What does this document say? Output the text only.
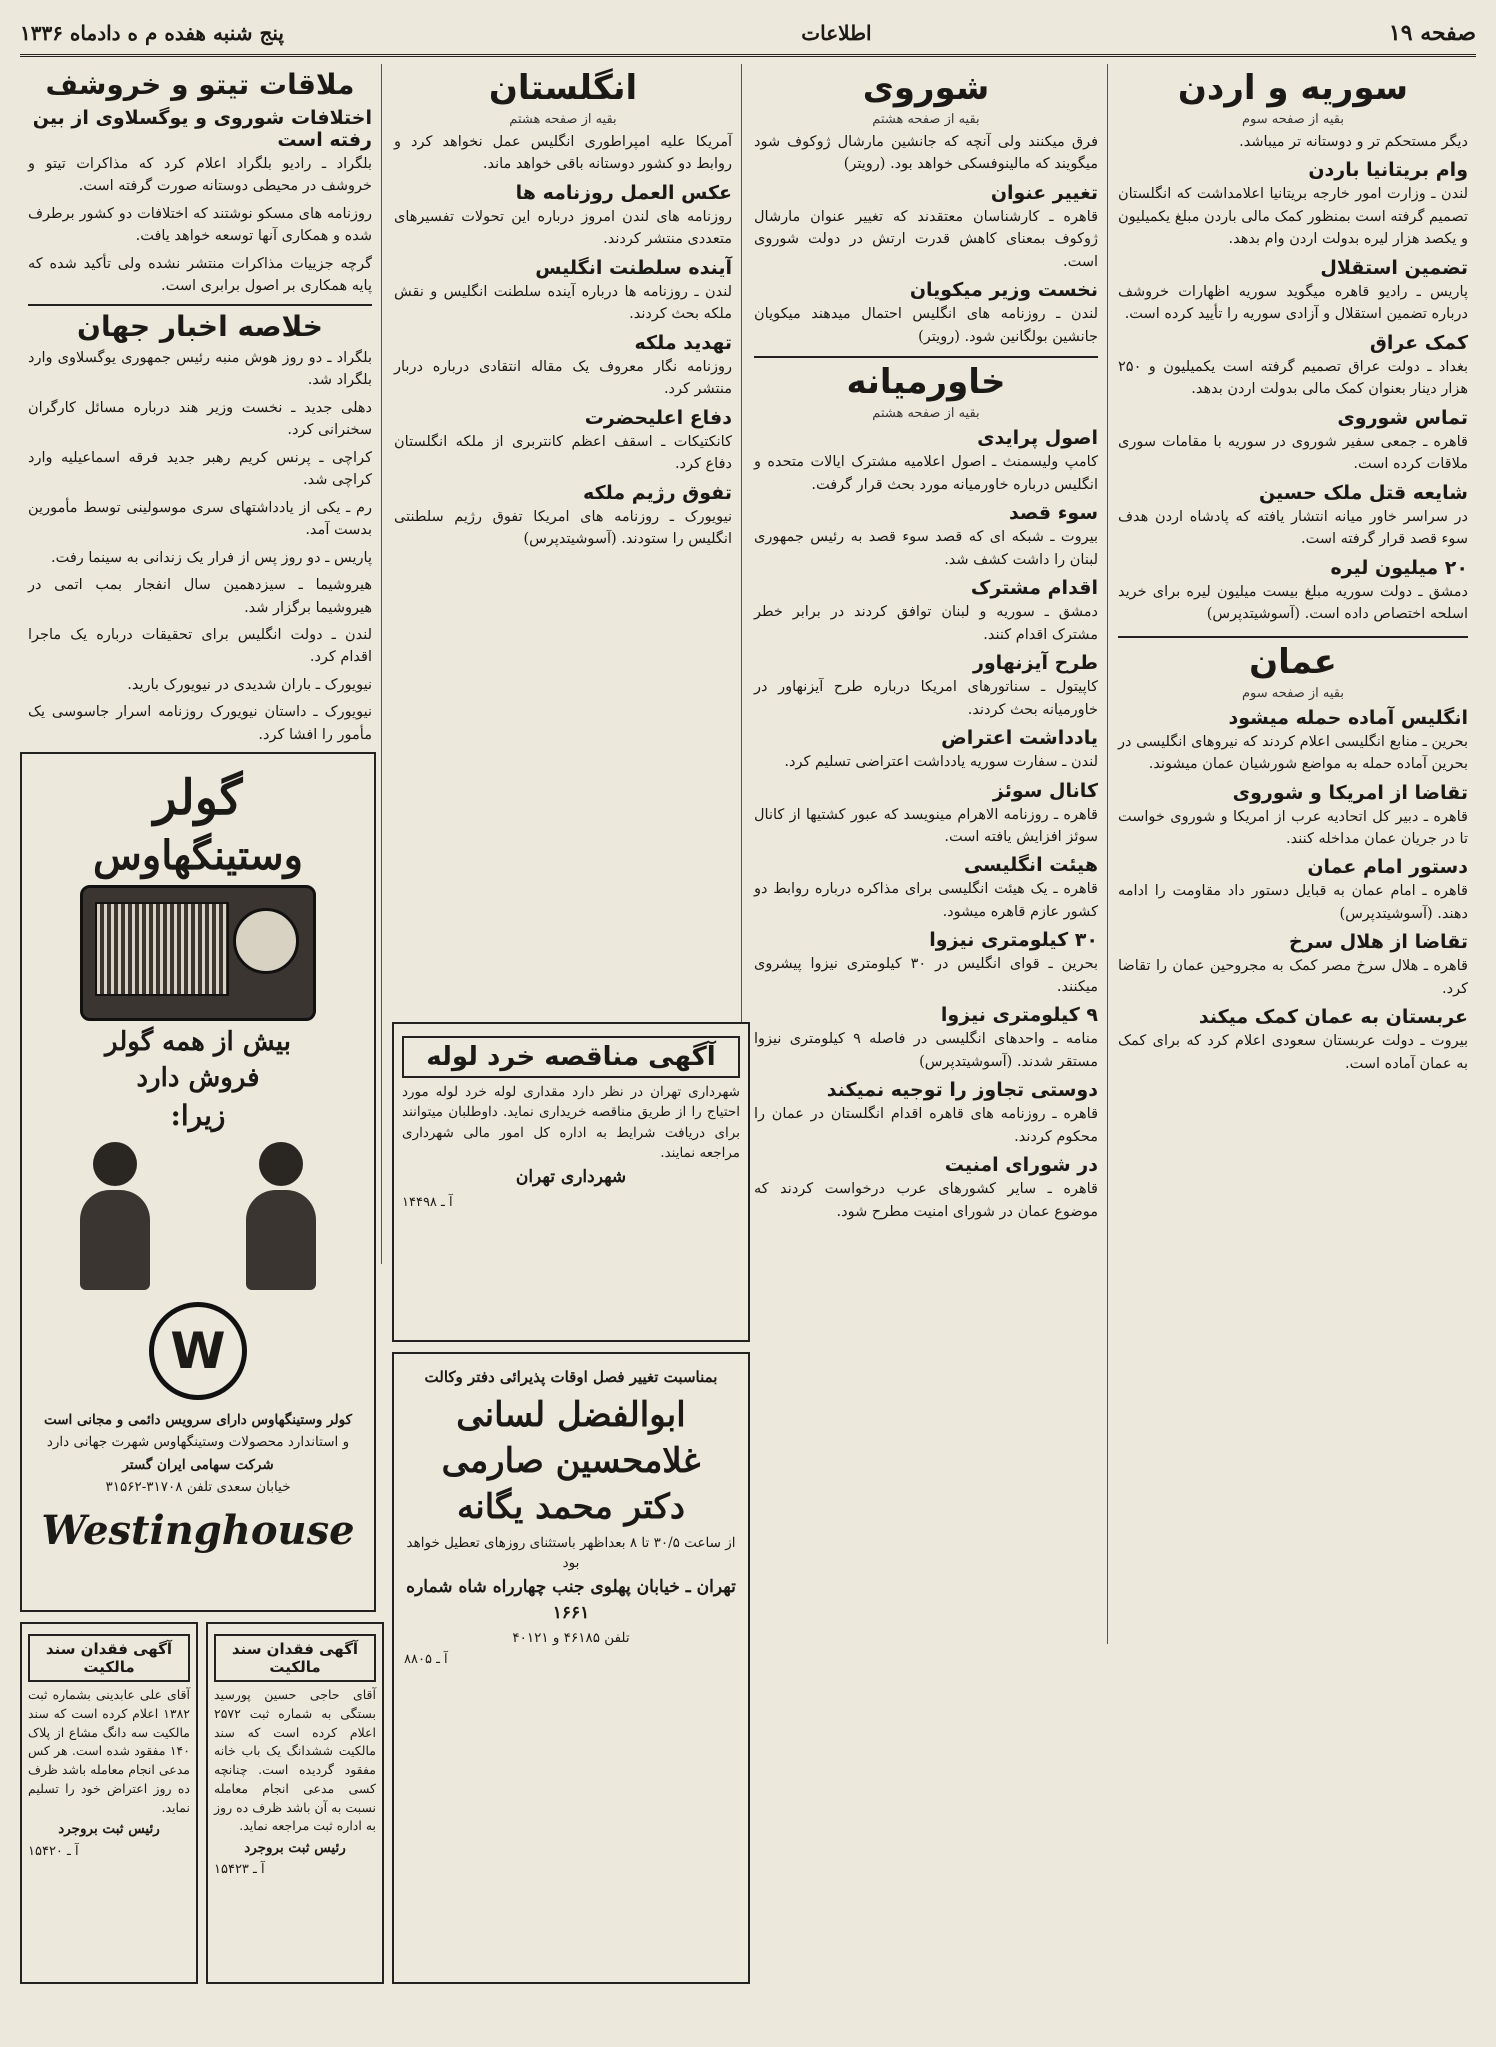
صفحه ۱۹
اطلاعات
پنج شنبه هفده م ه دادماه ۱۳۳۶
سوریه و اردن
بقیه از صفحه سوم

دیگر مستحکم تر و دوستانه تر میباشد.

وام بریتانیا باردن

لندن ـ وزارت امور خارجه بریتانیا اعلامداشت که انگلستان تصمیم گرفته است بمنظور کمک مالی باردن مبلغ یکمیلیون و یکصد هزار لیره بدولت اردن وام بدهد.

تضمین استقلال

پاریس ـ رادیو قاهره میگوید سوریه اظهارات خروشف درباره تضمین استقلال و آزادی سوریه را تأیید کرده است.

کمک عراق

بغداد ـ دولت عراق تصمیم گرفته است یکمیلیون و ۲۵۰ هزار دینار بعنوان کمک مالی بدولت اردن بدهد.

تماس شوروی

قاهره ـ جمعی سفیر شوروی در سوریه با مقامات سوری ملاقات کرده است.

شایعه قتل ملک حسین

در سراسر خاور میانه انتشار یافته که پادشاه اردن هدف سوء قصد قرار گرفته است.

۲۰ میلیون لیره

دمشق ـ دولت سوریه مبلغ بیست میلیون لیره برای خرید اسلحه اختصاص داده است. (آسوشیتدپرس)

عمان
بقیه از صفحه سوم
انگلیس آماده حمله میشود

بحرین ـ منابع انگلیسی اعلام کردند که نیروهای انگلیسی در بحرین آماده حمله به مواضع شورشیان عمان میشوند.

تقاضا از امریکا و شوروی

قاهره ـ دبیر کل اتحادیه عرب از امریکا و شوروی خواست تا در جریان عمان مداخله کنند.

دستور امام عمان

قاهره ـ امام عمان به قبایل دستور داد مقاومت را ادامه دهند. (آسوشیتدپرس)

تقاضا از هلال سرخ

قاهره ـ هلال سرخ مصر کمک به مجروحین عمان را تقاضا کرد.

عربستان به عمان کمک میکند

بیروت ـ دولت عربستان سعودی اعلام کرد که برای کمک به عمان آماده است.

شوروی
بقیه از صفحه هشتم

فرق میکنند ولی آنچه که جانشین مارشال ژوکوف شود میگویند که مالینوفسکی خواهد بود. (رویتر)

تغییر عنوان

قاهره ـ کارشناسان معتقدند که تغییر عنوان مارشال ژوکوف بمعنای کاهش قدرت ارتش در دولت شوروی است.

نخست وزیر میکویان

لندن ـ روزنامه های انگلیس احتمال میدهند میکویان جانشین بولگانین شود. (رویتر)

خاورمیانه
بقیه از صفحه هشتم
اصول پرایدی

کامپ ولیسمنث ـ اصول اعلامیه مشترک ایالات متحده و انگلیس درباره خاورمیانه مورد بحث قرار گرفت.

سوء قصد

بیروت ـ شبکه ای که قصد سوء قصد به رئیس جمهوری لبنان را داشت کشف شد.

اقدام مشترک

دمشق ـ سوریه و لبنان توافق کردند در برابر خطر مشترک اقدام کنند.

طرح آیزنهاور

کاپیتول ـ سناتورهای امریکا درباره طرح آیزنهاور در خاورمیانه بحث کردند.

یادداشت اعتراض

لندن ـ سفارت سوریه یادداشت اعتراضی تسلیم کرد.

کانال سوئز

قاهره ـ روزنامه الاهرام مینویسد که عبور کشتیها از کانال سوئز افزایش یافته است.

هیئت انگلیسی

قاهره ـ یک هیئت انگلیسی برای مذاکره درباره روابط دو کشور عازم قاهره میشود.

۳۰ کیلومتری نیزوا

بحرین ـ قوای انگلیس در ۳۰ کیلومتری نیزوا پیشروی میکنند.

۹ کیلومتری نیزوا

منامه ـ واحدهای انگلیسی در فاصله ۹ کیلومتری نیزوا مستقر شدند. (آسوشیتدپرس)

دوستی تجاوز را توجیه نمیکند

قاهره ـ روزنامه های قاهره اقدام انگلستان در عمان را محکوم کردند.

در شورای امنیت

قاهره ـ سایر کشورهای عرب درخواست کردند که موضوع عمان در شورای امنیت مطرح شود.

انگلستان
بقیه از صفحه هشتم

آمریکا علیه امپراطوری انگلیس عمل نخواهد کرد و روابط دو کشور دوستانه باقی خواهد ماند.

عکس العمل روزنامه ها

روزنامه های لندن امروز درباره این تحولات تفسیرهای متعددی منتشر کردند.

آینده سلطنت انگلیس

لندن ـ روزنامه ها درباره آینده سلطنت انگلیس و نقش ملکه بحث کردند.

تهدید ملکه

روزنامه نگار معروف یک مقاله انتقادی درباره دربار منتشر کرد.

دفاع اعلیحضرت

کانکتیکات ـ اسقف اعظم کانتربری از ملکه انگلستان دفاع کرد.

تفوق رژیم ملکه

نیویورک ـ روزنامه های امریکا تفوق رژیم سلطنتی انگلیس را ستودند. (آسوشیتدپرس)

ملاقات تیتو و خروشف
اختلافات شوروی و یوگسلاوی از بین رفته است

بلگراد ـ رادیو بلگراد اعلام کرد که مذاکرات تیتو و خروشف در محیطی دوستانه صورت گرفته است.

روزنامه های مسکو نوشتند که اختلافات دو کشور برطرف شده و همکاری آنها توسعه خواهد یافت.

گرچه جزییات مذاکرات منتشر نشده ولی تأکید شده که پایه همکاری بر اصول برابری است.

خلاصه اخبار جهان

بلگراد ـ دو روز هوش منبه رئیس جمهوری یوگسلاوی وارد بلگراد شد.

دهلی جدید ـ نخست وزیر هند درباره مسائل کارگران سخنرانی کرد.

کراچی ـ پرنس کریم رهبر جدید فرقه اسماعیلیه وارد کراچی شد.

رم ـ یکی از یادداشتهای سری موسولینی توسط مأمورین بدست آمد.

پاریس ـ دو روز پس از فرار یک زندانی به سینما رفت.

هیروشیما ـ سیزدهمین سال انفجار بمب اتمی در هیروشیما برگزار شد.

لندن ـ دولت انگلیس برای تحقیقات درباره یک ماجرا اقدام کرد.

نیویورک ـ باران شدیدی در نیویورک بارید.

نیویورک ـ داستان نیویورک روزنامه اسرار جاسوسی یک مأمور را افشا کرد.

گولر
وستینگهاوس
بیش از همه گولر
فروش دارد
زیرا:
W

کولر وستینگهاوس دارای سرویس دائمی و مجانی است

و استاندارد محصولات وستینگهاوس شهرت جهانی دارد

شرکت سهامی ایران گستر

خیابان سعدی تلفن ۳۱۷۰۸-۳۱۵۶۲

Westinghouse
آگهی مناقصه خرد لوله

شهرداری تهران در نظر دارد مقداری لوله خرد لوله مورد احتیاج را از طریق مناقصه خریداری نماید. داوطلبان میتوانند برای دریافت شرایط به اداره کل امور مالی شهرداری مراجعه نمایند.

شهرداری تهران

آ ـ ۱۴۴۹۸

بمناسبت تغییر فصل اوقات پذیرائی دفتر وکالت

ابوالفضل لسانی
غلامحسین صارمی
دکتر محمد یگانه

از ساعت ۳۰/۵ تا ۸ بعداظهر باستثنای روزهای تعطیل خواهد بود

تهران ـ خیابان پهلوی جنب چهارراه شاه شماره ۱۶۶۱

تلفن ۴۶۱۸۵ و ۴۰۱۲۱

آ ـ ۸۸۰۵
آگهی فقدان سند مالکیت

آقای حاجی حسین پورسید بستگی به شماره ثبت ۲۵۷۲ اعلام کرده است که سند مالکیت ششدانگ یک باب خانه مفقود گردیده است. چنانچه کسی مدعی انجام معامله نسبت به آن باشد ظرف ده روز به اداره ثبت مراجعه نماید.

رئیس ثبت بروجرد

آ ـ ۱۵۴۲۳
آگهی فقدان سند مالکیت

آقای علی عابدینی بشماره ثبت ۱۳۸۲ اعلام کرده است که سند مالکیت سه دانگ مشاع از پلاک ۱۴۰ مفقود شده است. هر کس مدعی انجام معامله باشد ظرف ده روز اعتراض خود را تسلیم نماید.

رئیس ثبت بروجرد

آ ـ ۱۵۴۲۰
